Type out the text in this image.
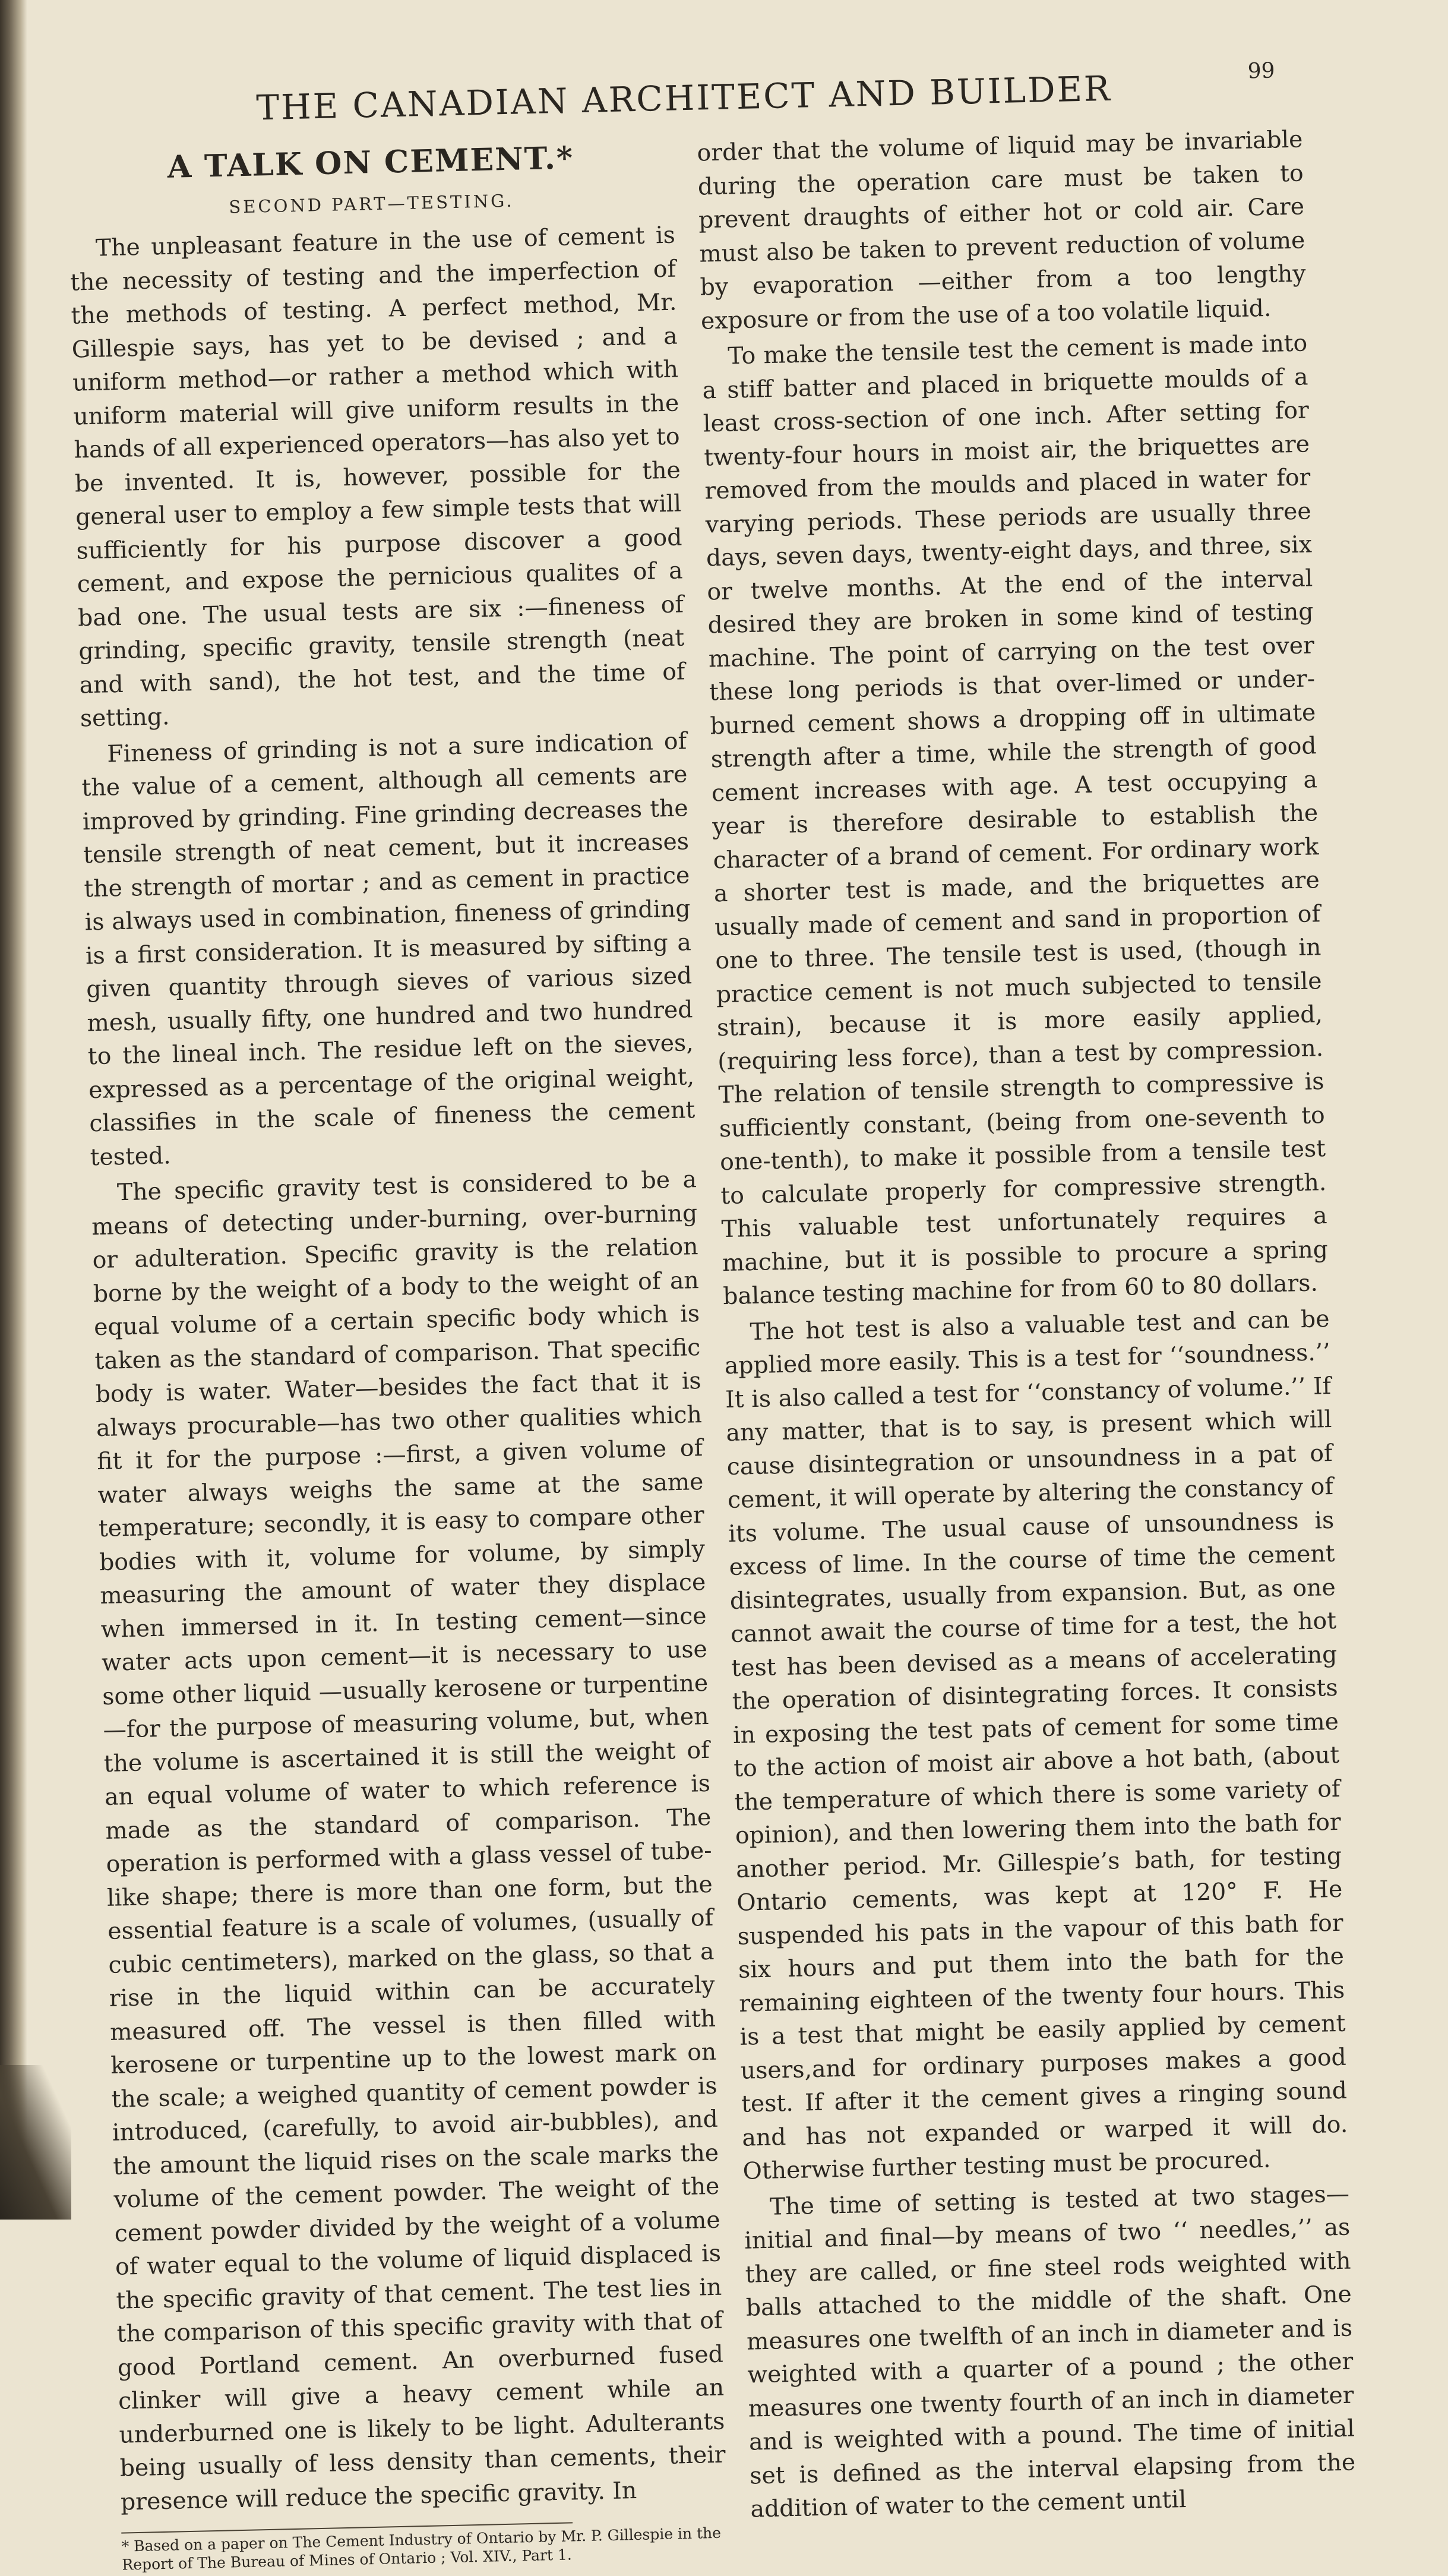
THE CANADIAN ARCHITECT AND BUILDER	99
A TALK ON CEMENT.*
SECOND PART—TESTING.

The unpleasant feature in the use of cement is the necessity of testing and the imperfection of the methods of testing. A perfect method, Mr. Gillespie says, has yet to be devised ; and a uniform method—or rather a method which with uniform material will give uniform results in the hands of all experienced operators—has also yet to be invented. It is, however, possible for the general user to employ a few simple tests that will sufficiently for his purpose discover a good cement, and expose the pernicious qualites of a bad one. The usual tests are six :—fineness of grinding, specific gravity, tensile strength (neat and with sand), the hot test, and the time of setting.

Fineness of grinding is not a sure indication of the value of a cement, although all cements are improved by grinding. Fine grinding decreases the tensile strength of neat cement, but it increases the strength of mortar ; and as cement in practice is always used in combination, fineness of grinding is a first consideration. It is measured by sifting a given quantity through sieves of various sized mesh, usually fifty, one hundred and two hundred to the lineal inch. The residue left on the sieves, expressed as a percentage of the original weight, classifies in the scale of fineness the cement tested.

The specific gravity test is considered to be a means of detecting under-burning, over-burning or adulteration. Specific gravity is the relation borne by the weight of a body to the weight of an equal volume of a certain specific body which is taken as the standard of comparison. That specific body is water. Water—besides the fact that it is always procurable—has two other qualities which fit it for the purpose :—first, a given volume of water always weighs the same at the same temperature; secondly, it is easy to compare other bodies with it, volume for volume, by simply measuring the amount of water they displace when immersed in it. In testing cement—since water acts upon cement—it is necessary to use some other liquid —usually kerosene or turpentine—for the purpose of measuring volume, but, when the volume is ascertained it is still the weight of an equal volume of water to which reference is made as the standard of comparison. The operation is performed with a glass vessel of tube-like shape; there is more than one form, but the essential feature is a scale of volumes, (usually of cubic centimeters), marked on the glass, so that a rise in the liquid within can be accurately measured off. The vessel is then filled with kerosene or turpentine up to the lowest mark on the scale; a weighed quantity of cement powder is introduced, (carefully, to avoid air-bubbles), and the amount the liquid rises on the scale marks the volume of the cement powder. The weight of the cement powder divided by the weight of a volume of water equal to the volume of liquid displaced is the specific gravity of that cement. The test lies in the comparison of this specific gravity with that of good Portland cement. An overburned fused clinker will give a heavy cement while an underburned one is likely to be light. Adulterants being usually of less density than cements, their presence will reduce the specific gravity. In

* Based on a paper on The Cement Industry of Ontario by Mr. P. Gillespie in the Report of The Bureau of Mines of Ontario ; Vol. XIV., Part 1.

order that the volume of liquid may be invariable during the operation care must be taken to prevent draughts of either hot or cold air. Care must also be taken to prevent reduction of volume by evaporation —either from a too lengthy exposure or from the use of a too volatile liquid.

To make the tensile test the cement is made into a stiff batter and placed in briquette moulds of a least cross-section of one inch. After setting for twenty-four hours in moist air, the briquettes are removed from the moulds and placed in water for varying periods. These periods are usually three days, seven days, twenty-eight days, and three, six or twelve months. At the end of the interval desired they are broken in some kind of testing machine. The point of carrying on the test over these long periods is that over-limed or under-burned cement shows a dropping off in ultimate strength after a time, while the strength of good cement increases with age. A test occupying a year is therefore desirable to establish the character of a brand of cement. For ordinary work a shorter test is made, and the briquettes are usually made of cement and sand in proportion of one to three. The tensile test is used, (though in practice cement is not much subjected to tensile strain), because it is more easily applied, (requiring less force), than a test by compression. The relation of tensile strength to compressive is sufficiently constant, (being from one-seventh to one-tenth), to make it possible from a tensile test to calculate properly for compressive strength. This valuable test unfortunately requires a machine, but it is possible to procure a spring balance testing machine for from 60 to 80 dollars.

The hot test is also a valuable test and can be applied more easily. This is a test for ‘‘soundness.’’ It is also called a test for ‘‘constancy of volume.’’ If any matter, that is to say, is present which will cause disintegration or unsoundness in a pat of cement, it will operate by altering the constancy of its volume. The usual cause of unsoundness is excess of lime. In the course of time the cement disintegrates, usually from expansion. But, as one cannot await the course of time for a test, the hot test has been devised as a means of accelerating the operation of disintegrating forces. It consists in exposing the test pats of cement for some time to the action of moist air above a hot bath, (about the temperature of which there is some variety of opinion), and then lowering them into the bath for another period. Mr. Gillespie’s bath, for testing Ontario cements, was kept at 120° F. He suspended his pats in the vapour of this bath for six hours and put them into the bath for the remaining eighteen of the twenty four hours. This is a test that might be easily applied by cement users,and for ordinary purposes makes a good test. If after it the cement gives a ringing sound and has not expanded or warped it will do. Otherwise further testing must be procured.

The time of setting is tested at two stages—initial and final—by means of two ‘‘ needles,’’ as they are called, or fine steel rods weighted with balls attached to the middle of the shaft. One measures one twelfth of an inch in diameter and is weighted with a quarter of a pound ; the other measures one twenty fourth of an inch in diameter and is weighted with a pound. The time of initial set is defined as the interval elapsing from the addition of water to the cement until
